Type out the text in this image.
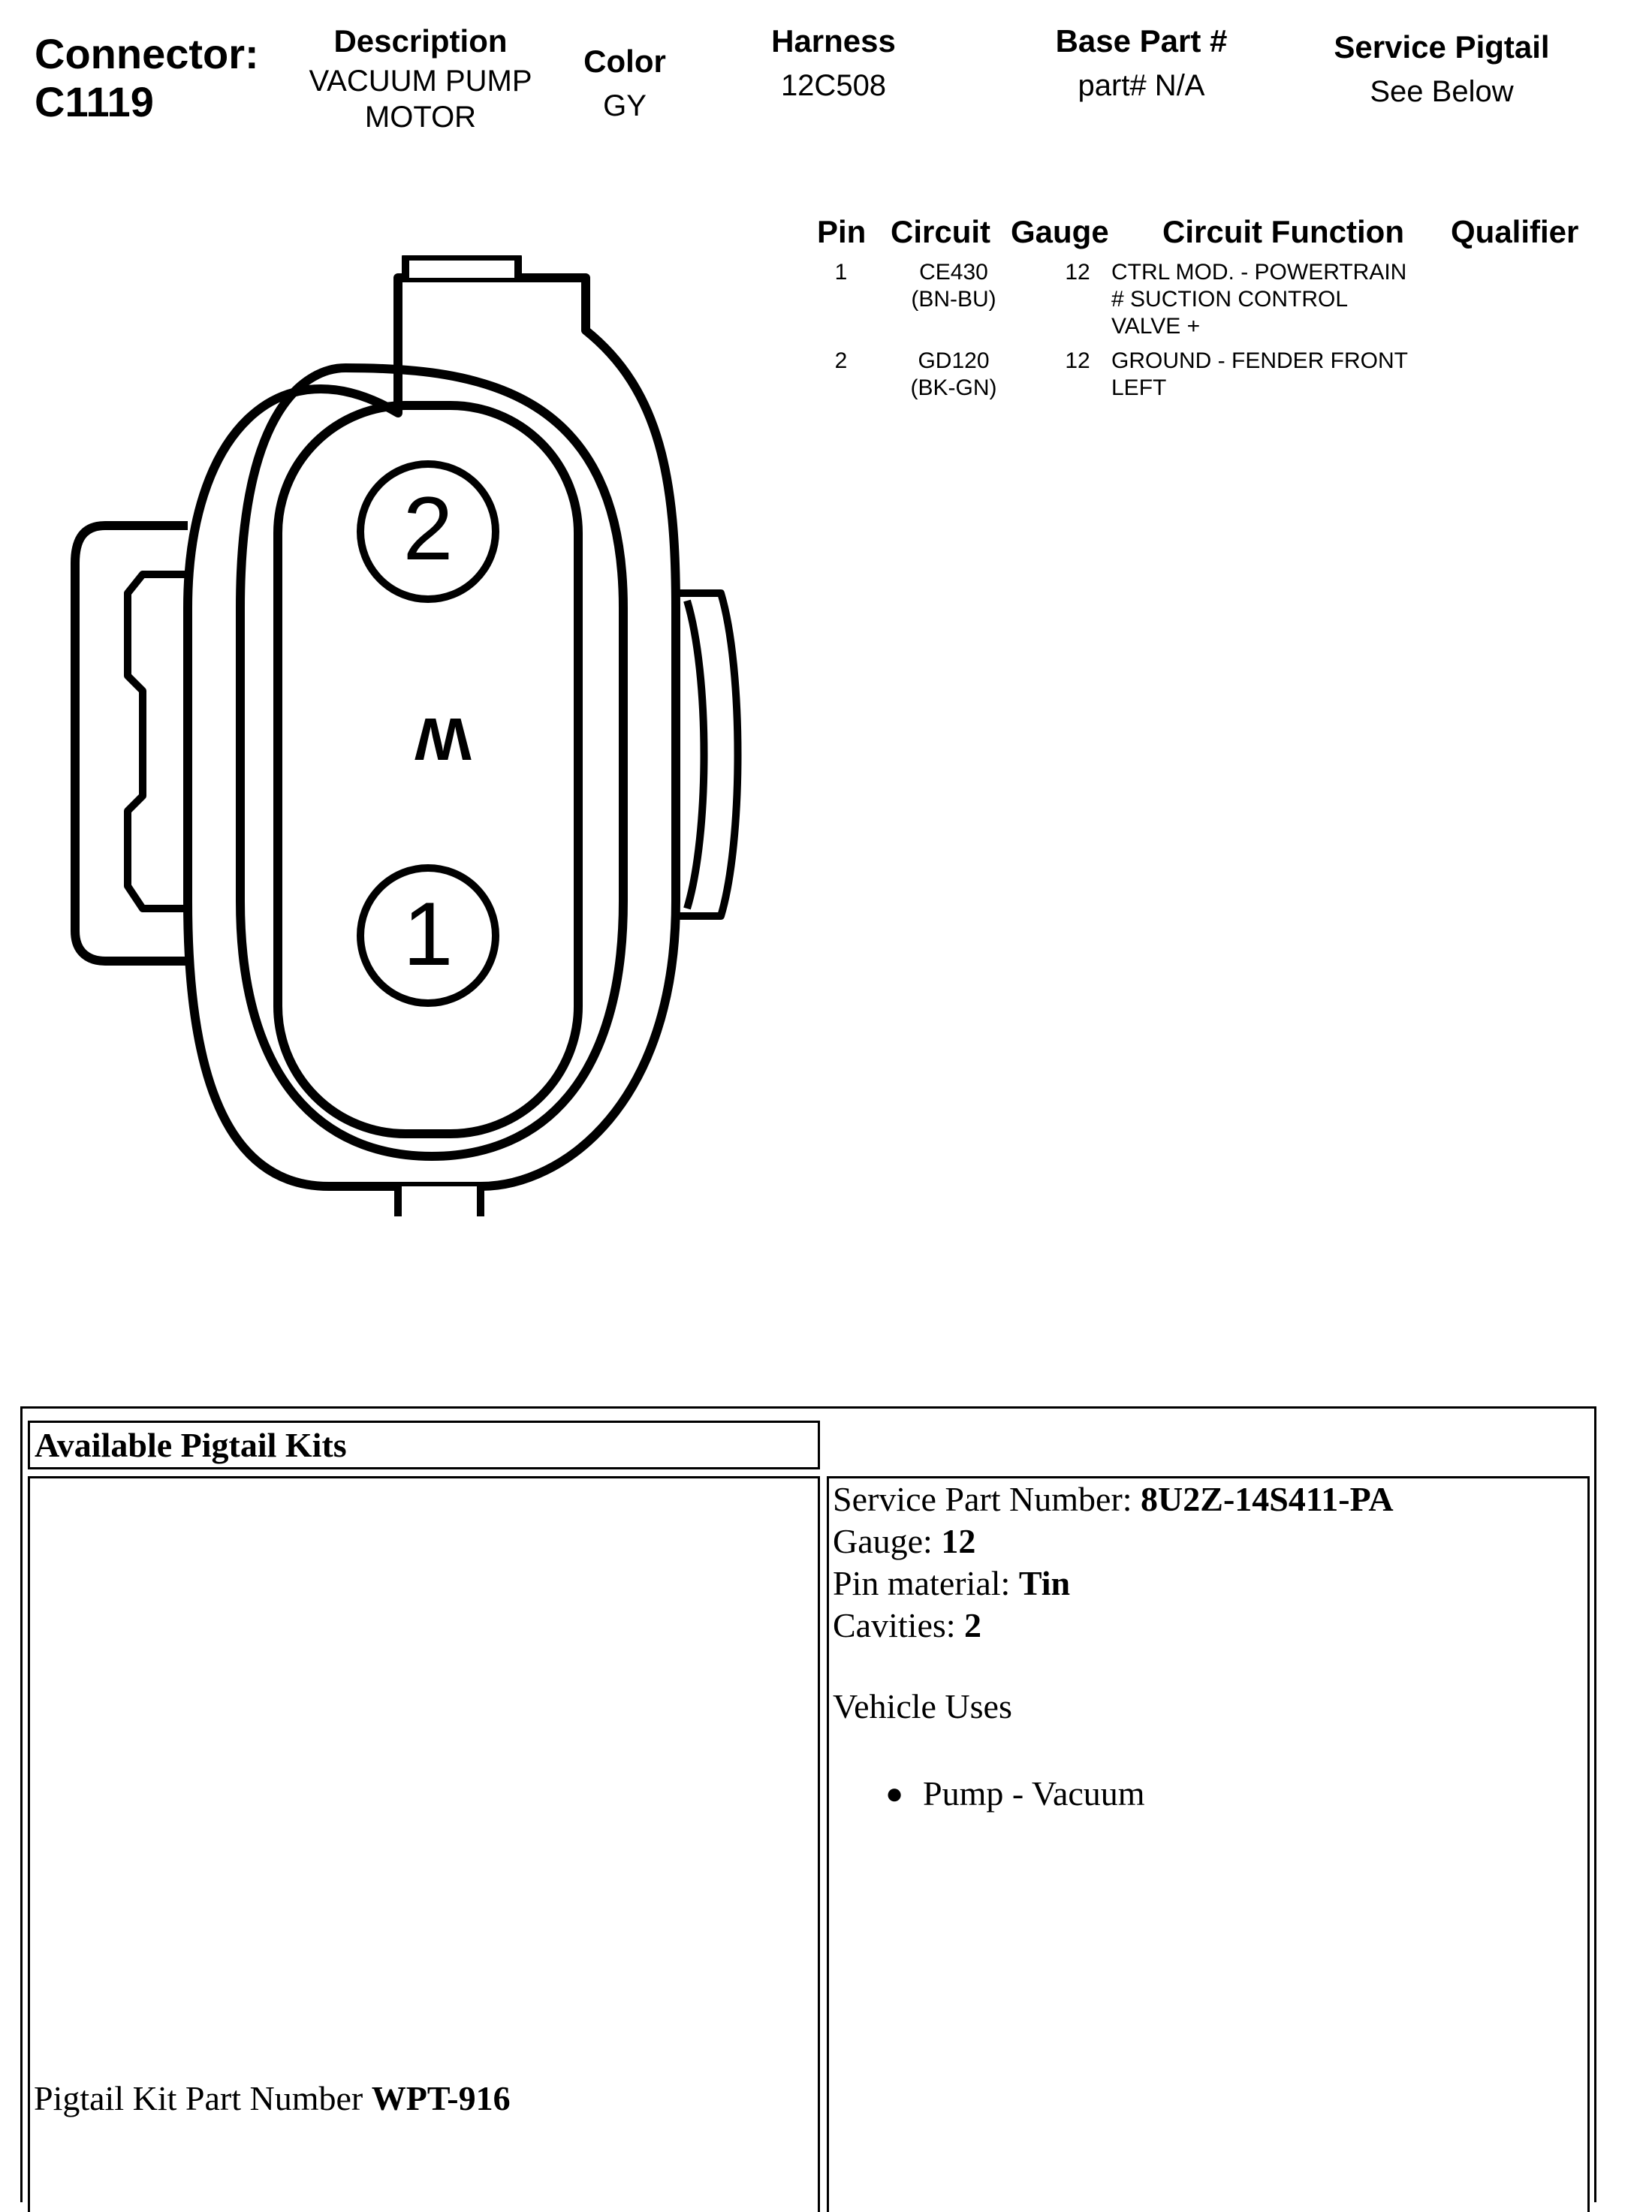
Connector:
C1119
Description
VACUUM PUMP
MOTOR
Color
GY
Harness
12C508
Base Part #
part# N/A
Service Pigtail
See Below
Pin Circuit Gauge Circuit Function Qualifier
1	CE430
(BN-BU)
12 CTRL MOD. - POWERTRAIN
# SUCTION CONTROL
VALVE +
2	GD120
(BK-GN)
12 GROUND - FENDER FRONT
LEFT
2
1
W
Available Pigtail Kits
Pigtail Kit Part Number WPT-916
Service Part Number: 8U2Z-14S411-PA
Gauge: 12
Pin material: Tin
Cavities: 2
Vehicle Uses
● Pump - Vacuum
